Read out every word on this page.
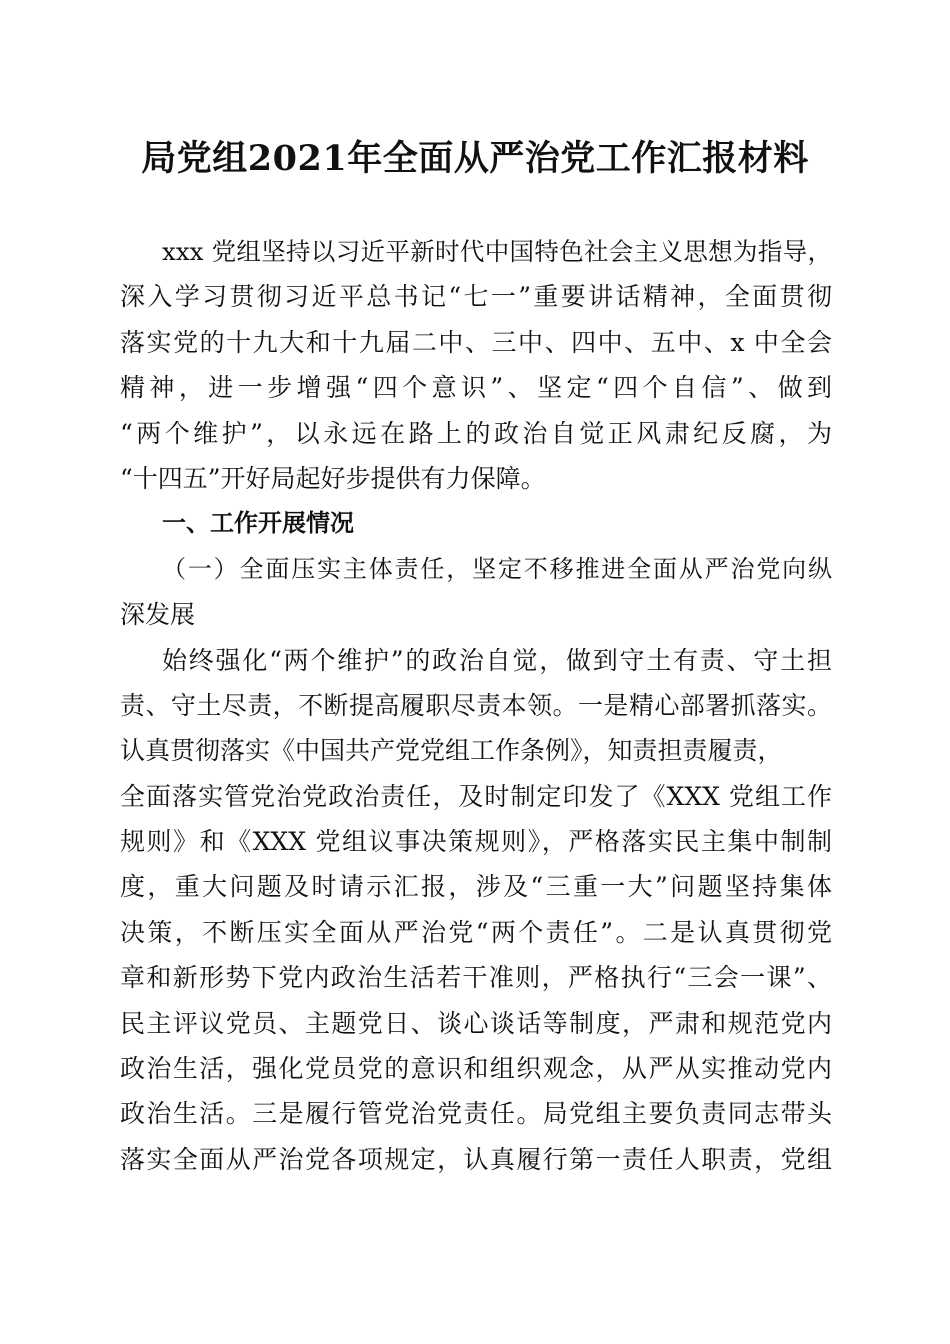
局党组2021年全面从严治党工作汇报材料
xxx 党组坚持以习近平新时代中国特色社会主义思想为指导，
深入学习贯彻习近平总书记“七一”重要讲话精神，全面贯彻
落实党的十九大和十九届二中、三中、四中、五中、x 中全会
精神，进一步增强“四个意识”、坚定“四个自信”、做到
“两个维护”，以永远在路上的政治自觉正风肃纪反腐，为
“十四五”开好局起好步提供有力保障。
一、工作开展情况
（一）全面压实主体责任，坚定不移推进全面从严治党向纵
深发展
始终强化“两个维护”的政治自觉，做到守土有责、守土担
责、守土尽责，不断提高履职尽责本领。一是精心部署抓落实。
认真贯彻落实《中国共产党党组工作条例》，知责担责履责，
全面落实管党治党政治责任，及时制定印发了《XXX 党组工作
规则》和《XXX 党组议事决策规则》，严格落实民主集中制制
度，重大问题及时请示汇报，涉及“三重一大”问题坚持集体
决策，不断压实全面从严治党“两个责任”。二是认真贯彻党
章和新形势下党内政治生活若干准则，严格执行“三会一课”、
民主评议党员、主题党日、谈心谈话等制度，严肃和规范党内
政治生活，强化党员党的意识和组织观念，从严从实推动党内
政治生活。三是履行管党治党责任。局党组主要负责同志带头
落实全面从严治党各项规定，认真履行第一责任人职责，党组
